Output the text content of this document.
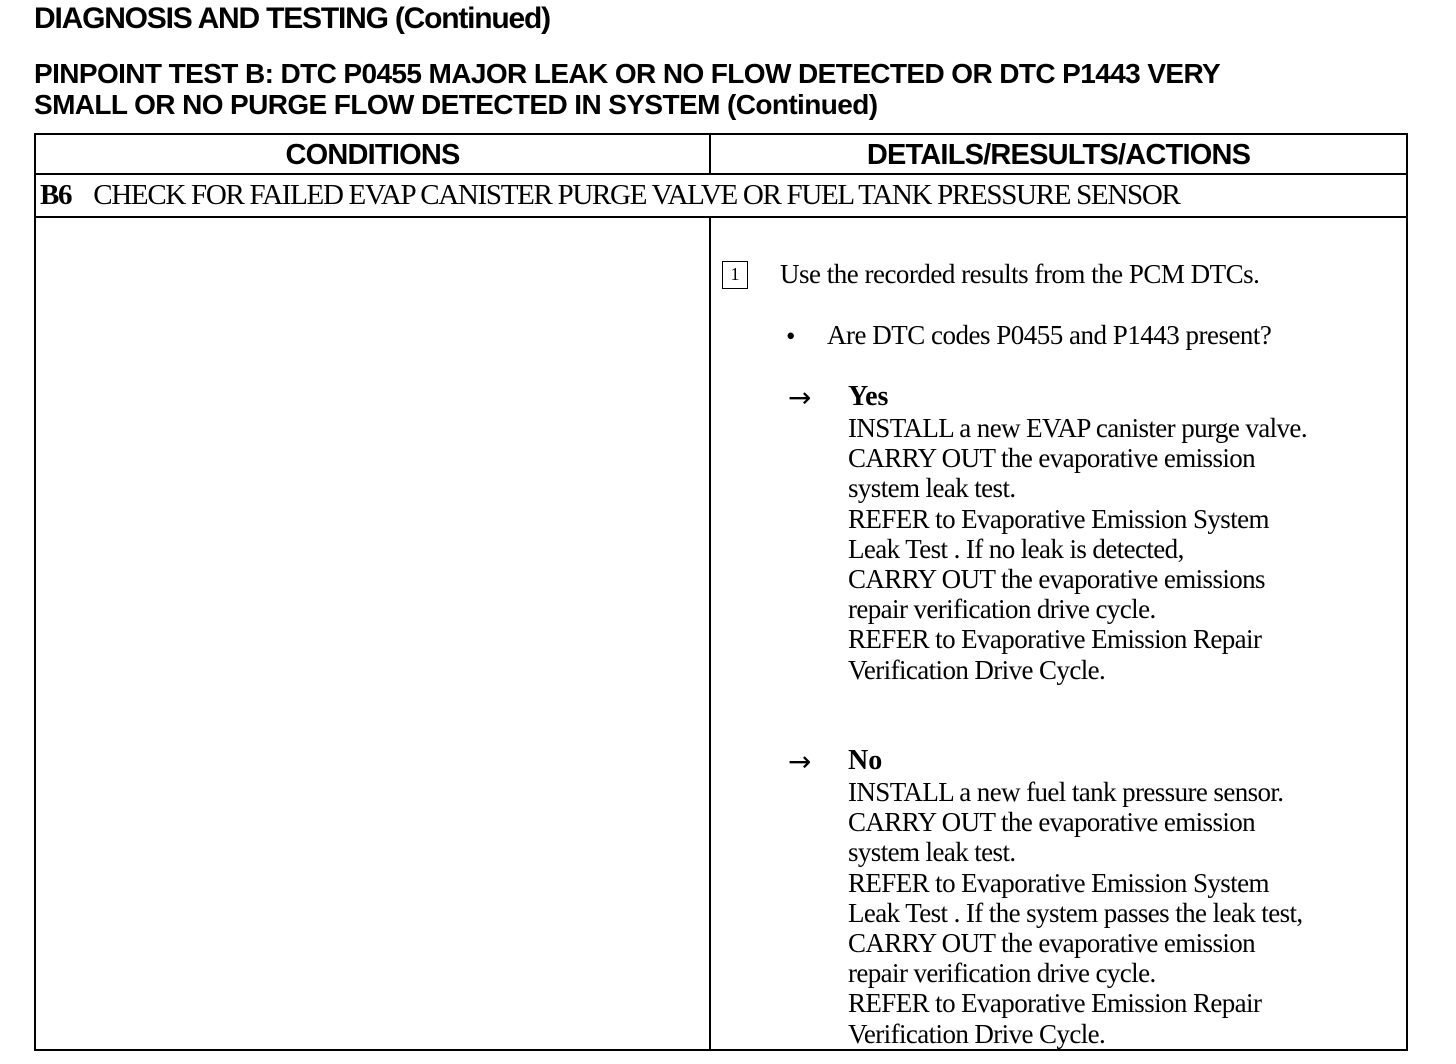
DIAGNOSIS AND TESTING (Continued)
PINPOINT TEST B: DTC P0455 MAJOR LEAK OR NO FLOW DETECTED OR DTC P1443 VERY
SMALL OR NO PURGE FLOW DETECTED IN SYSTEM (Continued)
CONDITIONS	DETAILS/RESULTS/ACTIONS
B6 CHECK FOR FAILED EVAP CANISTER PURGE VALVE OR FUEL TANK PRESSURE SENSOR
1	Use the recorded results from the PCM DTCs.
• Are DTC codes P0455 and P1443 present?
→ Yes
INSTALL a new EVAP canister purge valve.
CARRY OUT the evaporative emission
system leak test.
REFER to Evaporative Emission System
Leak Test . If no leak is detected,
CARRY OUT the evaporative emissions
repair verification drive cycle.
REFER to Evaporative Emission Repair
Verification Drive Cycle.
→ No
INSTALL a new fuel tank pressure sensor.
CARRY OUT the evaporative emission
system leak test.
REFER to Evaporative Emission System
Leak Test . If the system passes the leak test,
CARRY OUT the evaporative emission
repair verification drive cycle.
REFER to Evaporative Emission Repair
Verification Drive Cycle.
